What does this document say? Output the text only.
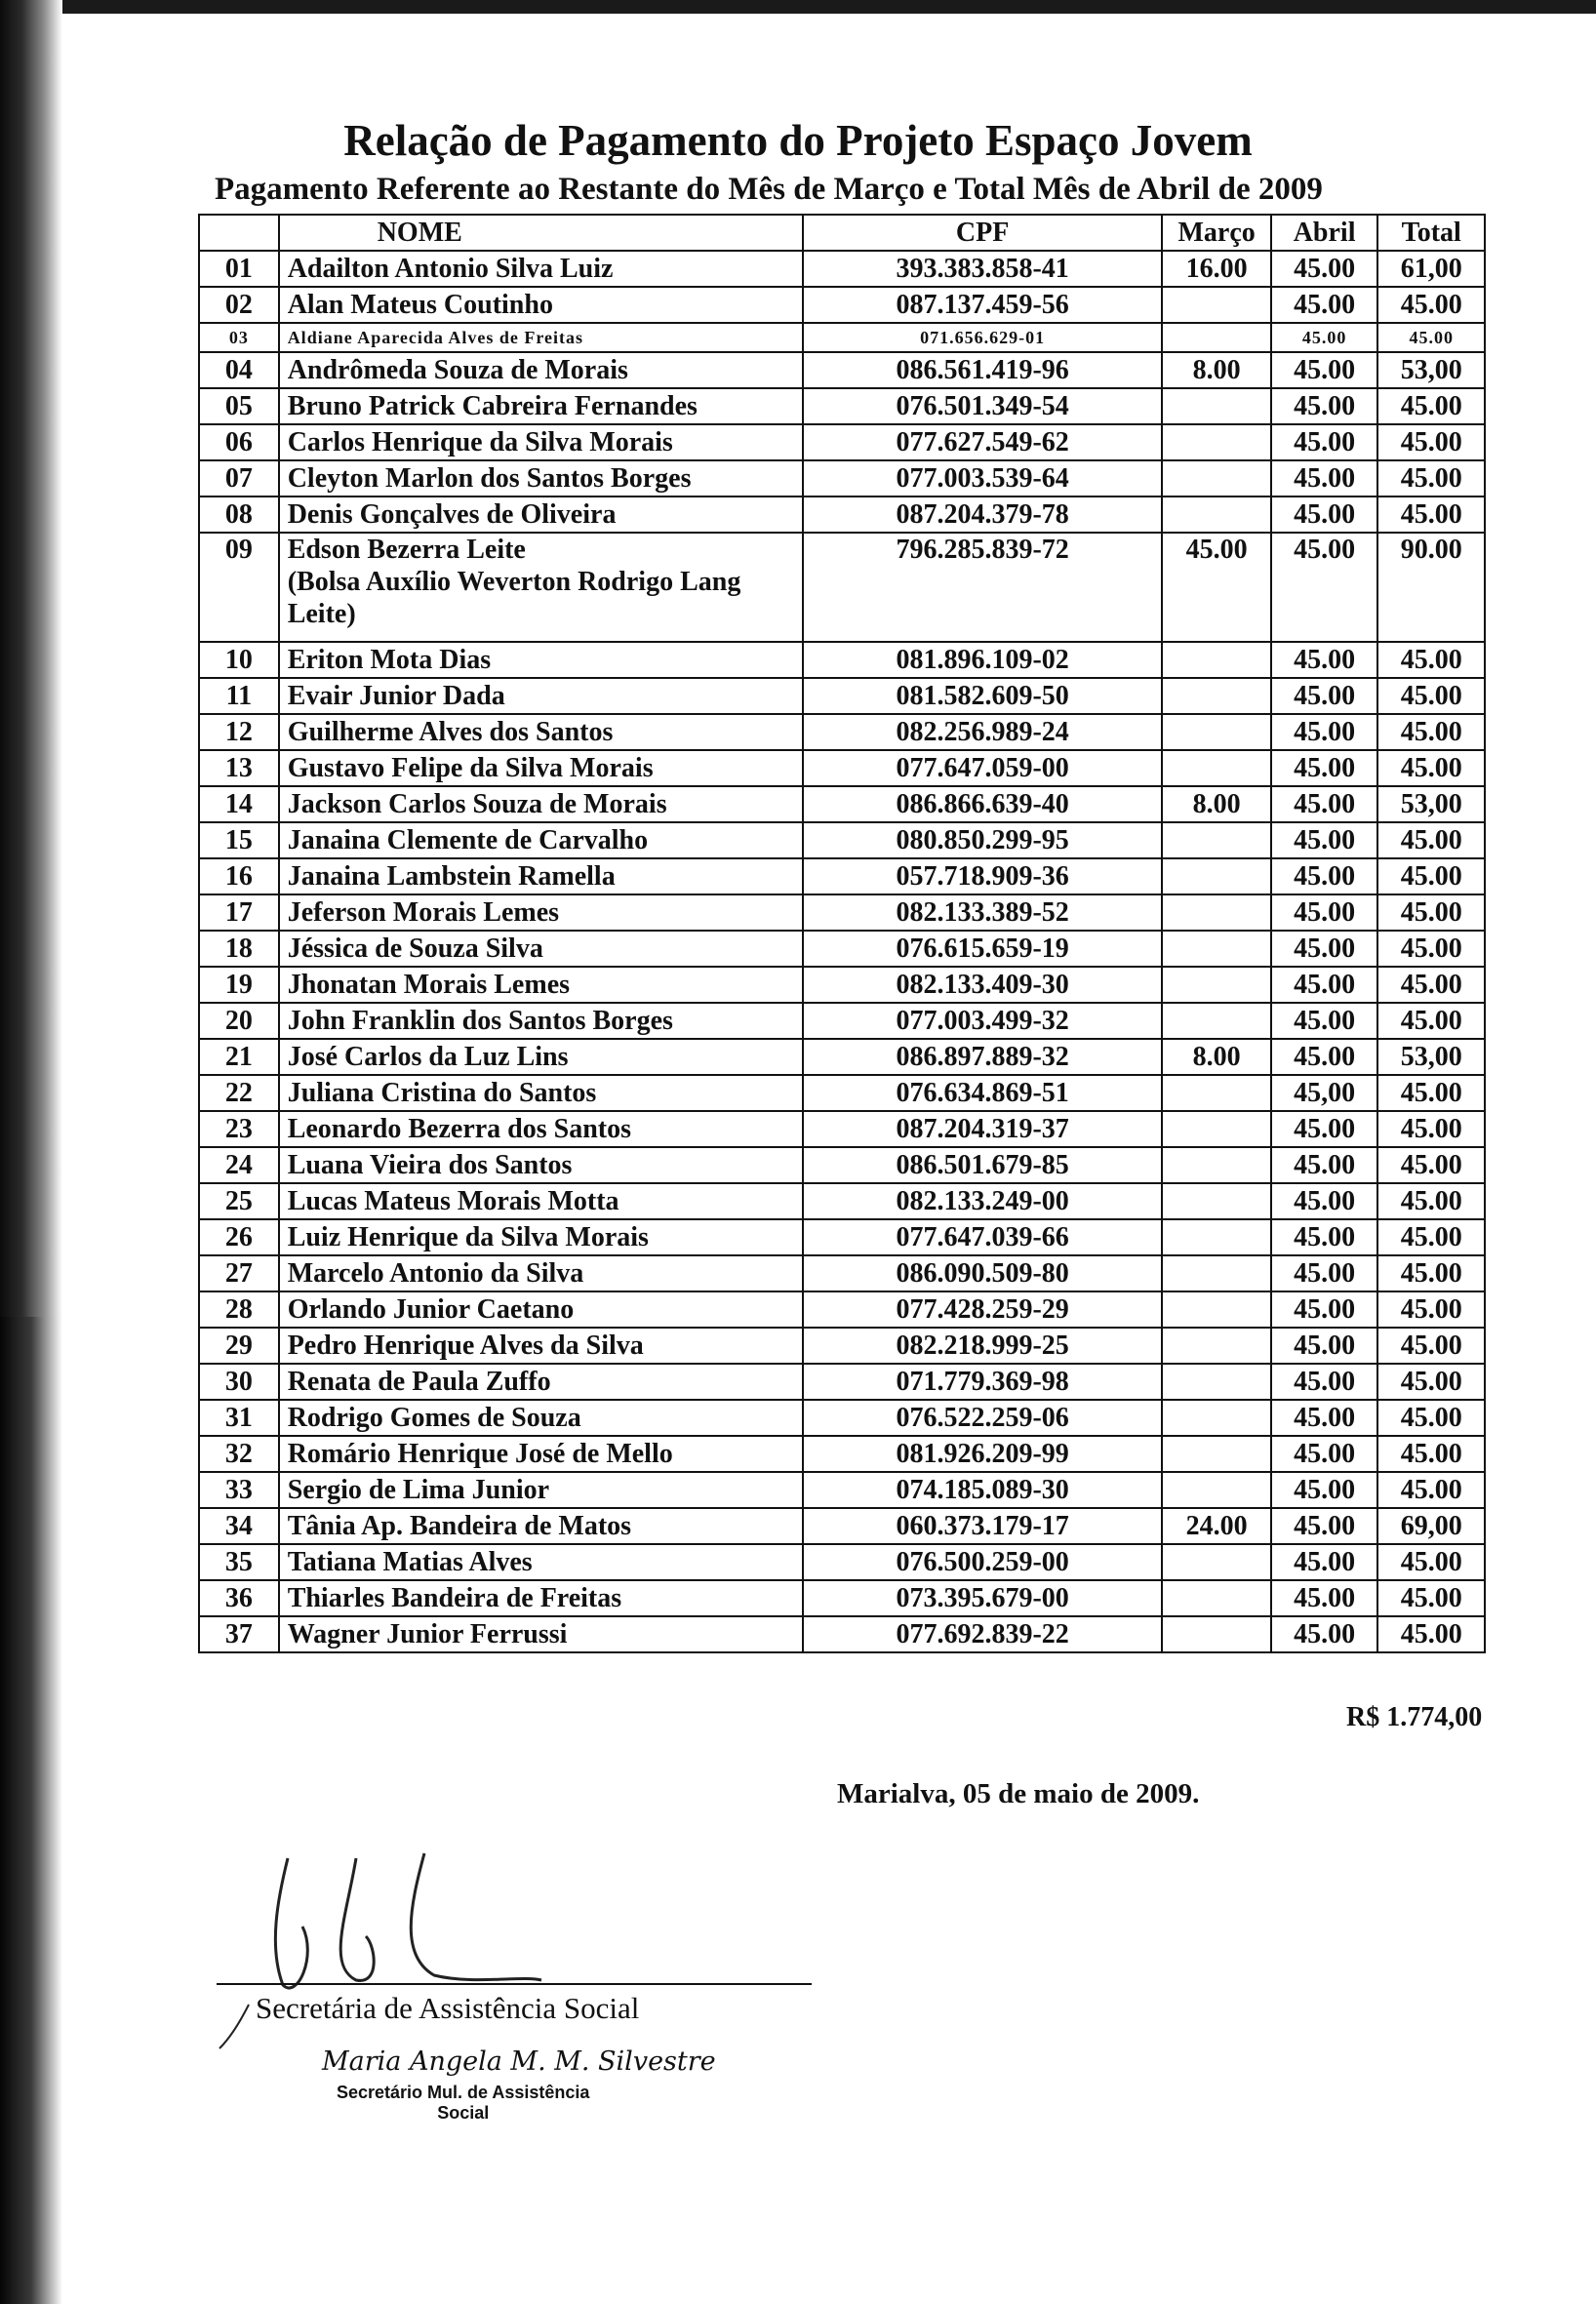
Relação de Pagamento do Projeto Espaço Jovem
Pagamento Referente ao Restante do Mês de Março e Total Mês de Abril de 2009
	NOME	CPF	Março	Abril	Total
01	Adailton Antonio Silva Luiz	393.383.858-41	16.00	45.00	61,00
02	Alan Mateus Coutinho	087.137.459-56		45.00	45.00
03	Aldiane Aparecida Alves de Freitas	071.656.629-01		45.00	45.00
04	Andrômeda Souza de Morais	086.561.419-96	8.00	45.00	53,00
05	Bruno Patrick Cabreira Fernandes	076.501.349-54		45.00	45.00
06	Carlos Henrique da Silva Morais	077.627.549-62		45.00	45.00
07	Cleyton Marlon dos Santos Borges	077.003.539-64		45.00	45.00
08	Denis Gonçalves de Oliveira	087.204.379-78		45.00	45.00
09	Edson Bezerra Leite
(Bolsa Auxílio Weverton Rodrigo Lang Leite)	796.285.839-72	45.00	45.00	90.00
10	Eriton Mota Dias	081.896.109-02		45.00	45.00
11	Evair Junior Dada	081.582.609-50		45.00	45.00
12	Guilherme Alves dos Santos	082.256.989-24		45.00	45.00
13	Gustavo Felipe da Silva Morais	077.647.059-00		45.00	45.00
14	Jackson Carlos Souza de Morais	086.866.639-40	8.00	45.00	53,00
15	Janaina Clemente de Carvalho	080.850.299-95		45.00	45.00
16	Janaina Lambstein Ramella	057.718.909-36		45.00	45.00
17	Jeferson Morais Lemes	082.133.389-52		45.00	45.00
18	Jéssica de Souza Silva	076.615.659-19		45.00	45.00
19	Jhonatan Morais Lemes	082.133.409-30		45.00	45.00
20	John Franklin dos Santos Borges	077.003.499-32		45.00	45.00
21	José Carlos da Luz Lins	086.897.889-32	8.00	45.00	53,00
22	Juliana Cristina do Santos	076.634.869-51		45,00	45.00
23	Leonardo Bezerra dos Santos	087.204.319-37		45.00	45.00
24	Luana Vieira dos Santos	086.501.679-85		45.00	45.00
25	Lucas Mateus Morais Motta	082.133.249-00		45.00	45.00
26	Luiz Henrique da Silva Morais	077.647.039-66		45.00	45.00
27	Marcelo Antonio da Silva	086.090.509-80		45.00	45.00
28	Orlando Junior Caetano	077.428.259-29		45.00	45.00
29	Pedro Henrique Alves da Silva	082.218.999-25		45.00	45.00
30	Renata de Paula Zuffo	071.779.369-98		45.00	45.00
31	Rodrigo Gomes de Souza	076.522.259-06		45.00	45.00
32	Romário Henrique José de Mello	081.926.209-99		45.00	45.00
33	Sergio de Lima Junior	074.185.089-30		45.00	45.00
34	Tânia Ap. Bandeira de Matos	060.373.179-17	24.00	45.00	69,00
35	Tatiana Matias Alves	076.500.259-00		45.00	45.00
36	Thiarles Bandeira de Freitas	073.395.679-00		45.00	45.00
37	Wagner Junior Ferrussi	077.692.839-22		45.00	45.00
R$ 1.774,00
Marialva, 05 de maio de 2009.
Secretária de Assistência Social
Maria Angela M. M. Silvestre
Secretário Mul. de Assistência
Social
